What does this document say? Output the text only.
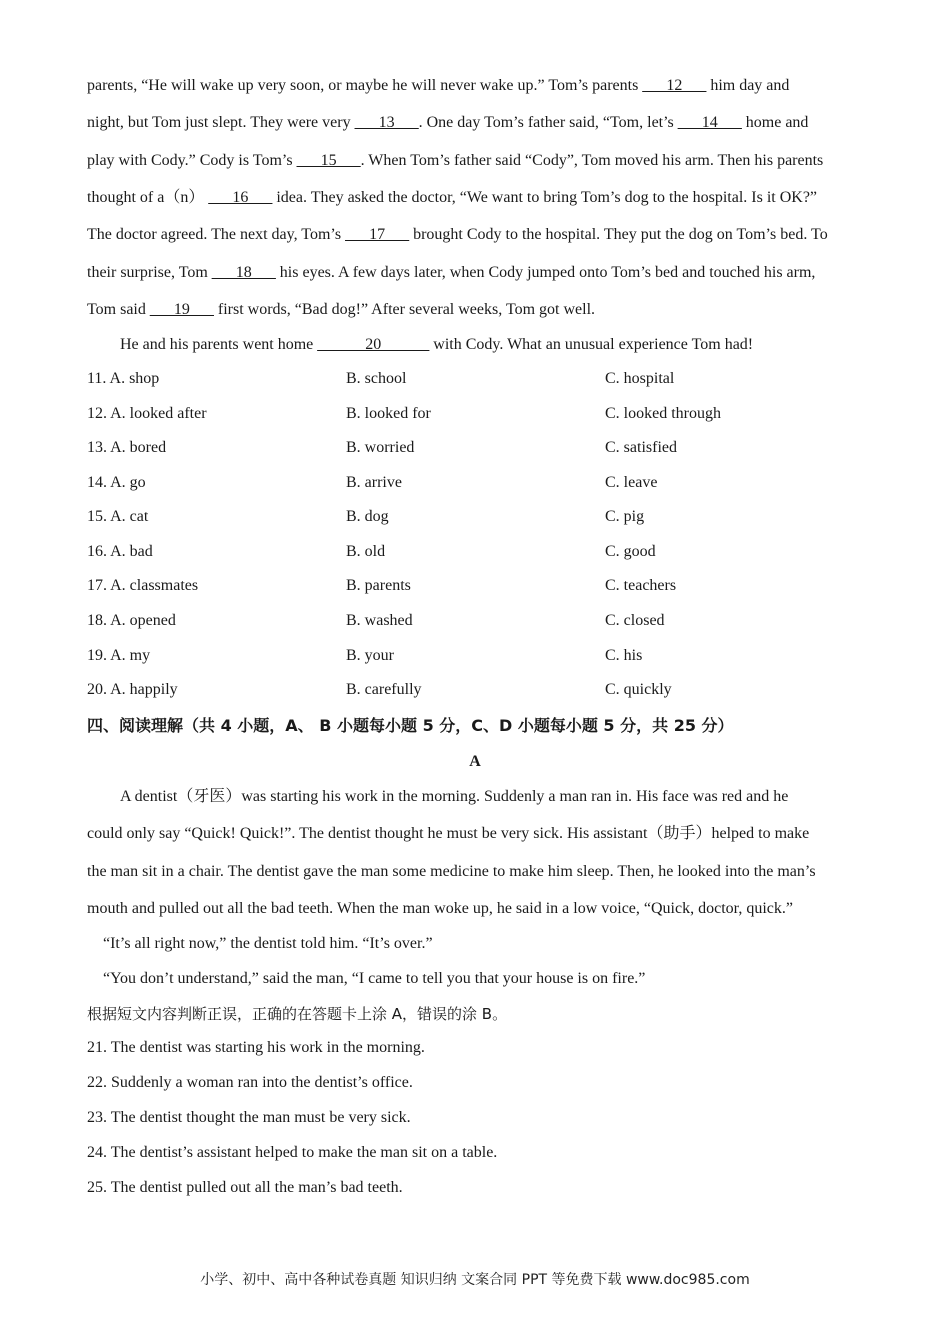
parents, “He will wake up very soon, or maybe he will never wake up.” Tom’s parents ___12___ him day and
night, but Tom just slept. They were very ___13___. One day Tom’s father said, “Tom, let’s ___14___ home and
play with Cody.” Cody is Tom’s ___15___. When Tom’s father said “Cody”, Tom moved his arm. Then his parents
thought of a（n） ___16___ idea. They asked the doctor, “We want to bring Tom’s dog to the hospital. Is it OK?”
The doctor agreed. The next day, Tom’s ___17___ brought Cody to the hospital. They put the dog on Tom’s bed. To
their surprise, Tom ___18___ his eyes. A few days later, when Cody jumped onto Tom’s bed and touched his arm,
Tom said ___19___ first words, “Bad dog!” After several weeks, Tom got well.
He and his parents went home ______20______ with Cody. What an unusual experience Tom had!
11. A. shop	B. school	C. hospital
12. A. looked after	B. looked for	C. looked through
13. A. bored	B. worried	C. satisfied
14. A. go	B. arrive	C. leave
15. A. cat	B. dog	C. pig
16. A. bad	B. old	C. good
17. A. classmates	B. parents	C. teachers
18. A. opened	B. washed	C. closed
19. A. my	B. your	C. his
20. A. happily	B. carefully	C. quickly
四、阅读理解（共 4 小题，A、 B 小题每小题 5 分，C、D 小题每小题 5 分，共 25 分）
A
A dentist（牙医）was starting his work in the morning. Suddenly a man ran in. His face was red and he
could only say “Quick! Quick!”. The dentist thought he must be very sick. His assistant（助手）helped to make
the man sit in a chair. The dentist gave the man some medicine to make him sleep. Then, he looked into the man’s
mouth and pulled out all the bad teeth. When the man woke up, he said in a low voice, “Quick, doctor, quick.”
“It’s all right now,” the dentist told him. “It’s over.”
“You don’t understand,” said the man, “I came to tell you that your house is on fire.”
根据短文内容判断正误，正确的在答题卡上涂 A，错误的涂 B。
21. The dentist was starting his work in the morning.
22. Suddenly a woman ran into the dentist’s office.
23. The dentist thought the man must be very sick.
24. The dentist’s assistant helped to make the man sit on a table.
25. The dentist pulled out all the man’s bad teeth.
小学、初中、高中各种试卷真题 知识归纳 文案合同 PPT 等免费下载 www.doc985.com
